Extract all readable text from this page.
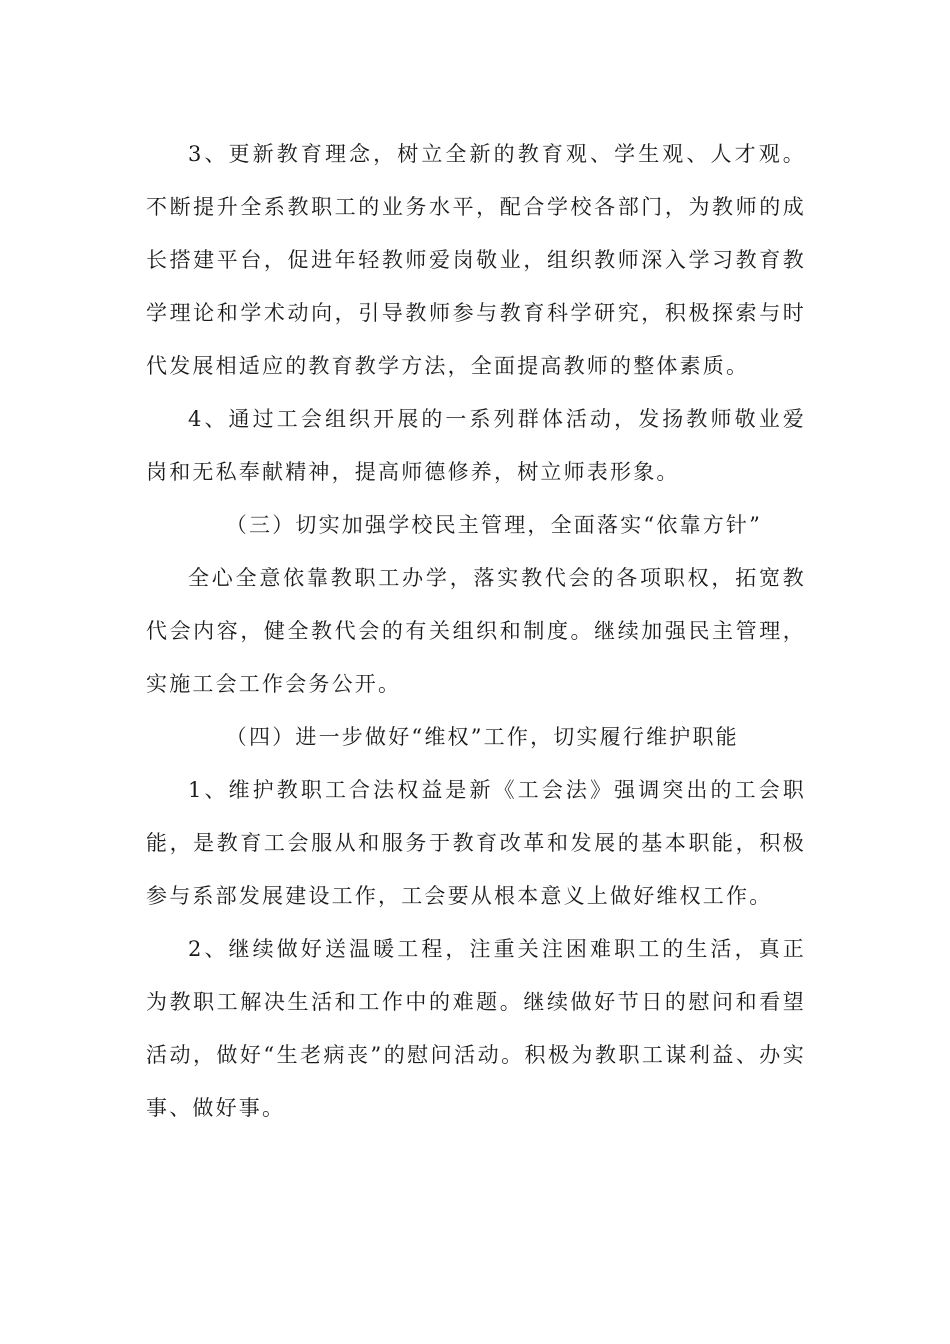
3、更新教育理念，树立全新的教育观、学生观、人才观。不断提升全系教职工的业务水平，配合学校各部门，为教师的成长搭建平台，促进年轻教师爱岗敬业，组织教师深入学习教育教学理论和学术动向，引导教师参与教育科学研究，积极探索与时代发展相适应的教育教学方法，全面提高教师的整体素质。

4、通过工会组织开展的一系列群体活动，发扬教师敬业爱岗和无私奉献精神，提高师德修养，树立师表形象。

（三）切实加强学校民主管理，全面落实“依靠方针”

全心全意依靠教职工办学，落实教代会的各项职权，拓宽教代会内容，健全教代会的有关组织和制度。继续加强民主管理，实施工会工作会务公开。

（四）进一步做好“维权”工作，切实履行维护职能

1、维护教职工合法权益是新《工会法》强调突出的工会职能，是教育工会服从和服务于教育改革和发展的基本职能，积极参与系部发展建设工作，工会要从根本意义上做好维权工作。

2、继续做好送温暖工程，注重关注困难职工的生活，真正为教职工解决生活和工作中的难题。继续做好节日的慰问和看望活动，做好“生老病丧”的慰问活动。积极为教职工谋利益、办实事、做好事。
